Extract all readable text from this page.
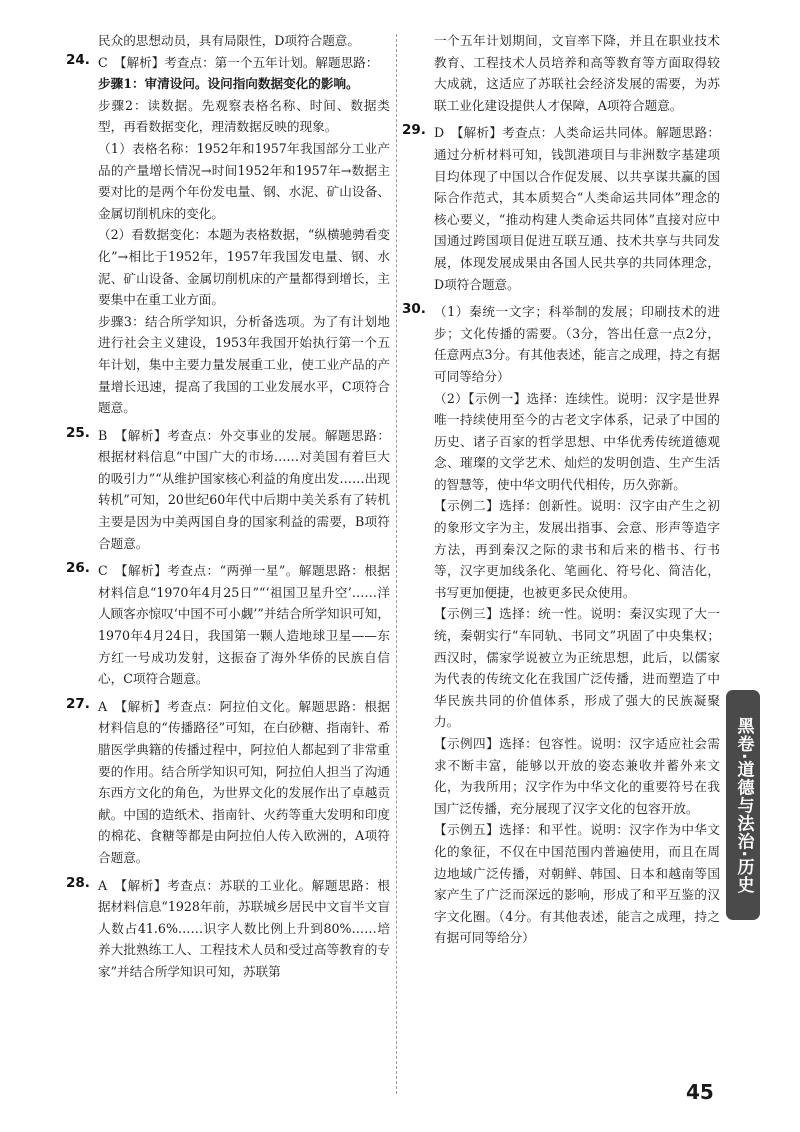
民众的思想动员，具有局限性，D项符合题意。

24. C　【解析】考查点：第一个五年计划。解题思路：

步骤1：审清设问。设问指向数据变化的影响。

步骤2：读数据。先观察表格名称、时间、数据类型，再看数据变化，理清数据反映的现象。

（1）表格名称：1952年和1957年我国部分工业产品的产量增长情况→时间1952年和1957年→数据主要对比的是两个年份发电量、钢、水泥、矿山设备、金属切削机床的变化。

（2）看数据变化：本题为表格数据，“纵横驰骋看变化”→相比于1952年，1957年我国发电量、钢、水泥、矿山设备、金属切削机床的产量都得到增长，主要集中在重工业方面。

步骤3：结合所学知识，分析备选项。为了有计划地进行社会主义建设，1953年我国开始执行第一个五年计划，集中主要力量发展重工业，使工业产品的产量增长迅速，提高了我国的工业发展水平，C项符合题意。

25. B　【解析】考查点：外交事业的发展。解题思路：根据材料信息“中国广大的市场……对美国有着巨大的吸引力”“从维护国家核心利益的角度出发……出现转机”可知，20世纪60年代中后期中美关系有了转机主要是因为中美两国自身的国家利益的需要，B项符合题意。

26. C　【解析】考查点：“两弹一星”。解题思路：根据材料信息“1970年4月25日”“‘祖国卫星升空’……洋人顾客亦惊叹‘中国不可小觑’”并结合所学知识可知，1970年4月24日，我国第一颗人造地球卫星——东方红一号成功发射，这振奋了海外华侨的民族自信心，C项符合题意。

27. A　【解析】考查点：阿拉伯文化。解题思路：根据材料信息的“传播路径”可知，在白砂糖、指南针、希腊医学典籍的传播过程中，阿拉伯人都起到了非常重要的作用。结合所学知识可知，阿拉伯人担当了沟通东西方文化的角色，为世界文化的发展作出了卓越贡献。中国的造纸术、指南针、火药等重大发明和印度的棉花、食糖等都是由阿拉伯人传入欧洲的，A项符合题意。

28. A　【解析】考查点：苏联的工业化。解题思路：根据材料信息“1928年前，苏联城乡居民中文盲半文盲人数占41.6%……识字人数比例上升到80%……培养大批熟练工人、工程技术人员和受过高等教育的专家”并结合所学知识可知，苏联第

一个五年计划期间，文盲率下降，并且在职业技术教育、工程技术人员培养和高等教育等方面取得较大成就，这适应了苏联社会经济发展的需要，为苏联工业化建设提供人才保障，A项符合题意。

29. D　【解析】考查点：人类命运共同体。解题思路：通过分析材料可知，钱凯港项目与非洲数字基建项目均体现了中国以合作促发展、以共享谋共赢的国际合作范式，其本质契合“人类命运共同体”理念的核心要义，“推动构建人类命运共同体”直接对应中国通过跨国项目促进互联互通、技术共享与共同发展，体现发展成果由各国人民共享的共同体理念，D项符合题意。

30. （1）秦统一文字；科举制的发展；印刷技术的进步；文化传播的需要。（3分，答出任意一点2分，任意两点3分。有其他表述，能言之成理，持之有据可同等给分）

（2）【示例一】选择：连续性。说明：汉字是世界唯一持续使用至今的古老文字体系，记录了中国的历史、诸子百家的哲学思想、中华优秀传统道德观念、璀璨的文学艺术、灿烂的发明创造、生产生活的智慧等，使中华文明代代相传，历久弥新。

【示例二】选择：创新性。说明：汉字由产生之初的象形文字为主，发展出指事、会意、形声等造字方法，再到秦汉之际的隶书和后来的楷书、行书等，汉字更加线条化、笔画化、符号化、简洁化，书写更加便捷，也被更多民众使用。

【示例三】选择：统一性。说明：秦汉实现了大一统，秦朝实行“车同轨、书同文”巩固了中央集权；西汉时，儒家学说被立为正统思想，此后，以儒家为代表的传统文化在我国广泛传播，进而塑造了中华民族共同的价值体系，形成了强大的民族凝聚力。

【示例四】选择：包容性。说明：汉字适应社会需求不断丰富，能够以开放的姿态兼收并蓄外来文化，为我所用；汉字作为中华文化的重要符号在我国广泛传播，充分展现了汉字文化的包容开放。

【示例五】选择：和平性。说明：汉字作为中华文化的象征，不仅在中国范围内普遍使用，而且在周边地域广泛传播，对朝鲜、韩国、日本和越南等国家产生了广泛而深远的影响，形成了和平互鉴的汉字文化圈。（4分。有其他表述，能言之成理，持之有据可同等给分）

黑卷·道德与法治·历史
45
